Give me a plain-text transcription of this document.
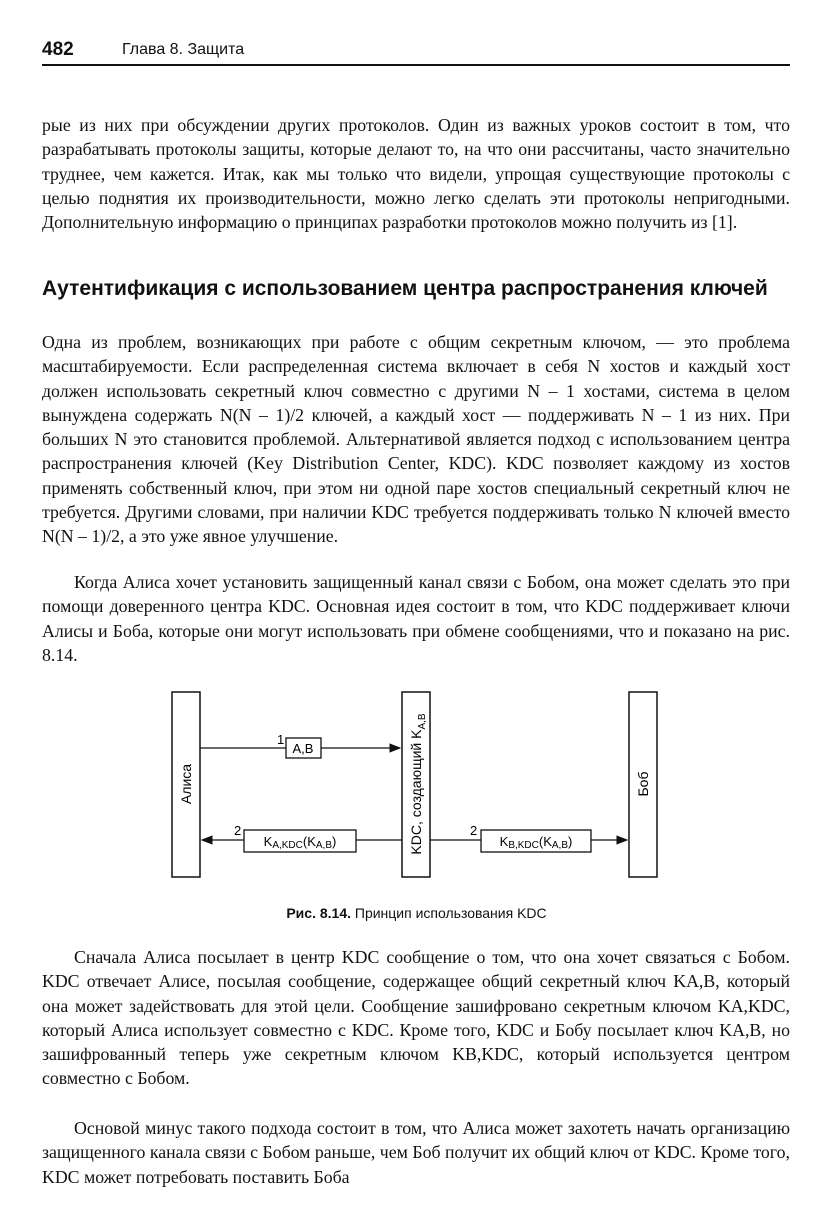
482	Глава 8. Защита

рые из них при обсуждении других протоколов. Один из важных уроков состоит в том, что разрабатывать протоколы защиты, которые делают то, на что они рассчитаны, часто значительно труднее, чем кажется. Итак, как мы только что видели, упрощая существующие протоколы с целью поднятия их производительности, можно легко сделать эти протоколы непригодными. Дополнительную информацию о принципах разработки протоколов можно получить из [1].

Аутентификация с использованием центра распространения ключей

Одна из проблем, возникающих при работе с общим секретным ключом, — это проблема масштабируемости. Если распределенная система включает в себя N хостов и каждый хост должен использовать секретный ключ совместно с другими N – 1 хостами, система в целом вынуждена содержать N(N – 1)/2 ключей, а каждый хост — поддерживать N – 1 из них. При больших N это становится проблемой. Альтернативой является подход с использованием центра распространения ключей (Key Distribution Center, KDC). KDC позволяет каждому из хостов применять собственный ключ, при этом ни одной паре хостов специальный секретный ключ не требуется. Другими словами, при наличии KDC требуется поддерживать только N ключей вместо N(N – 1)/2, а это уже явное улучшение.

Когда Алиса хочет установить защищенный канал связи с Бобом, она может сделать это при помощи доверенного центра KDC. Основная идея состоит в том, что KDC поддерживает ключи Алисы и Боба, которые они могут использовать при обмене сообщениями, что и показано на рис. 8.14.

Алиса	KDC, создающий $K_{A,B}$
Боб
A,B
1
KA,KDC(KA,B)
2
KB,KDC(KA,B)
2
Рис. 8.14. Принцип использования KDC

Сначала Алиса посылает в центр KDC сообщение о том, что она хочет связаться с Бобом. KDC отвечает Алисе, посылая сообщение, содержащее общий секретный ключ KA,B, который она может задействовать для этой цели. Сообщение зашифровано секретным ключом KA,KDC, который Алиса использует совместно с KDC. Кроме того, KDC и Бобу посылает ключ KA,B, но зашифрованный теперь уже секретным ключом KB,KDC, который используется центром совместно с Бобом.

Основой минус такого подхода состоит в том, что Алиса может захотеть начать организацию защищенного канала связи с Бобом раньше, чем Боб получит их общий ключ от KDC. Кроме того, KDC может потребовать поставить Боба
